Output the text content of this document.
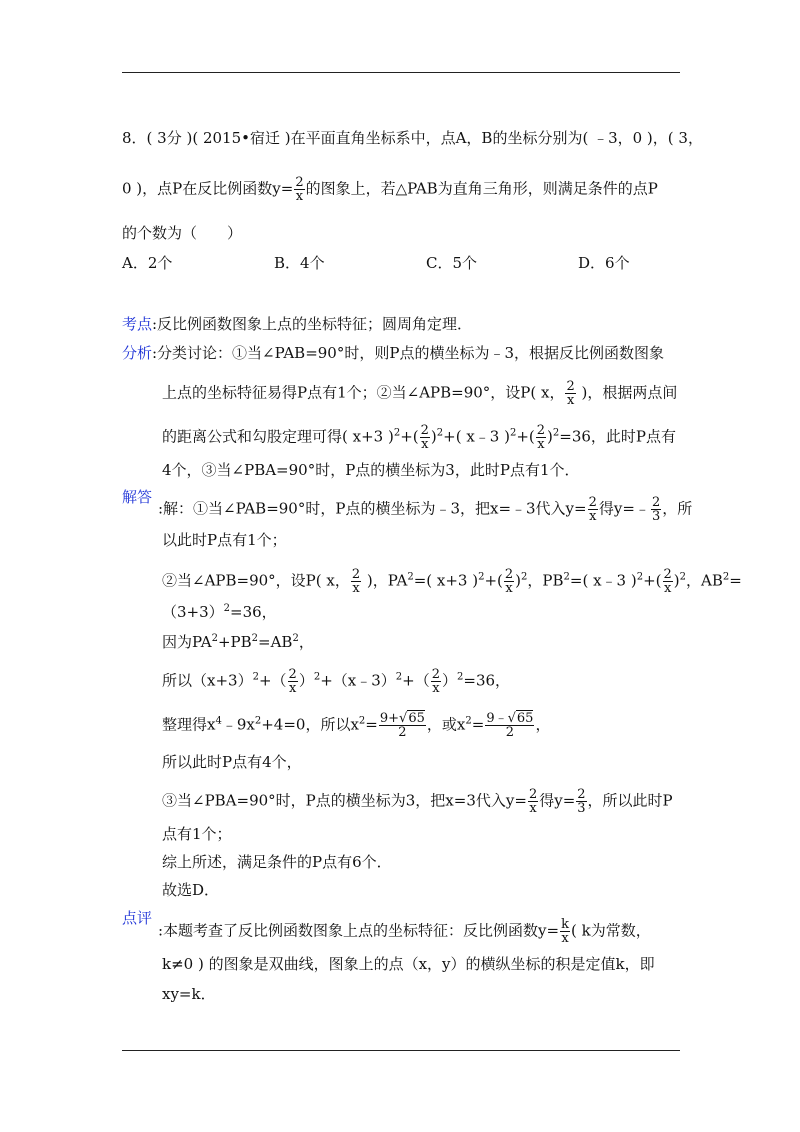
8．( 3分 )( 2015•宿迁 )在平面直角坐标系中，点A，B的坐标分别为( ﹣3，0 )，( 3，
0 )，点P在反比例函数$y= \frac{2}{x}$ 的图象上，若△PAB为直角三角形，则满足条件的点P
的个数为（　　）
A．2个	B．4个	C．5个	D．6个
考点 :反比例函数图象上点的坐标特征；圆周角定理．
分析 :分类讨论：①当∠PAB=90°时，则P点的横坐标为﹣3，根据反比例函数图象
上点的坐标特征易得P点有1个；②当∠APB=90°，设P( x， $\frac{2}{x}$ )，根据两点间
的距离公式和勾股定理可得( x+3 )$^2+( \frac{2}{x} )^2+$( x﹣3 )$^2+( \frac{2}{x} )^2=36$，此时P点有
4个，③当∠PBA=90°时，P点的横坐标为3，此时P点有1个．
解答
:解：①当∠PAB=90°时，P点的横坐标为﹣3，把x=﹣3代入$y= \frac{2}{x}$ 得y=﹣ $\frac{2}{3}$ ，所
以此时P点有1个；
②当∠APB=90°，设P( x， $\frac{2}{x}$ )，$PA^2=$( x+3 )$^2+( \frac{2}{x} )^2$，$PB^2=$( x﹣3 )$^2+( \frac{2}{x} )^2$，$AB^2=$
$(3+3)^2=36$，
因为$PA^2+PB^2=AB^2$，
所以$(x+3)^2+( \frac{2}{x}$ ）$^2+(x﹣3)^2+( \frac{2}{x} )^2=36$，
整理得$x^4﹣9x^2+4=0$，所以$x^2= \frac{9+√65}{2}$ ，或$x^2= \frac{9﹣√65}{2}$ ，
所以此时P点有4个，
③当∠PBA=90°时，P点的横坐标为3，把x=3代入$y= \frac{2}{x}$ 得$y= \frac{2}{3}$ ，所以此时P
点有1个；
综上所述，满足条件的P点有6个．
故选D．
点评
:本题考查了反比例函数图象上点的坐标特征：反比例函数$y= \frac{k}{x}$ ( k为常数，
k≠0 ) 的图象是双曲线，图象上的点（x，y）的横纵坐标的积是定值k，即
xy=k．
